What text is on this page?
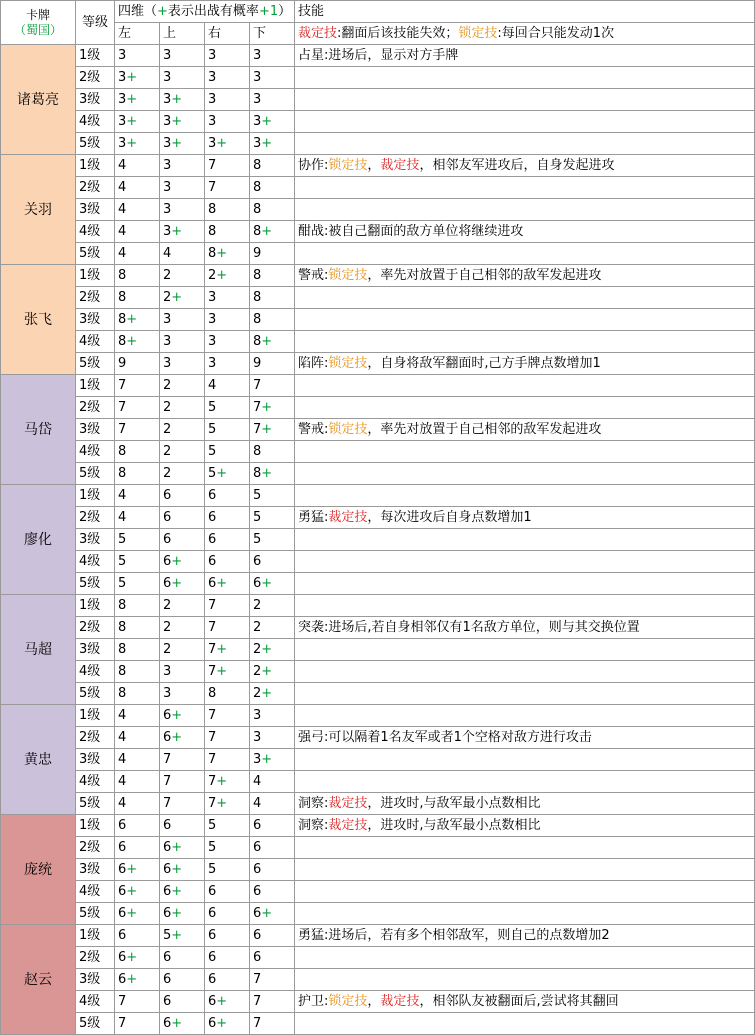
卡牌
（蜀国）	等级	四维（+表示出战有概率+1）				技能
		左	上	右	下	裁定技:翻面后该技能失效；锁定技:每回合只能发动1次
诸葛亮	1级	3	3	3	3	占星:进场后，显示对方手牌
	2级	3+	3	3	3	
	3级	3+	3+	3	3	
	4级	3+	3+	3	3+	
	5级	3+	3+	3+	3+	
关羽	1级	4	3	7	8	协作:锁定技，裁定技，相邻友军进攻后，自身发起进攻
	2级	4	3	7	8	
	3级	4	3	8	8	
	4级	4	3+	8	8+	酣战:被自己翻面的敌方单位将继续进攻
	5级	4	4	8+	9	
张飞	1级	8	2	2+	8	警戒:锁定技，率先对放置于自己相邻的敌军发起进攻
	2级	8	2+	3	8	
	3级	8+	3	3	8	
	4级	8+	3	3	8+	
	5级	9	3	3	9	陷阵:锁定技，自身将敌军翻面时,己方手牌点数增加1
马岱	1级	7	2	4	7	
	2级	7	2	5	7+	
	3级	7	2	5	7+	警戒:锁定技，率先对放置于自己相邻的敌军发起进攻
	4级	8	2	5	8	
	5级	8	2	5+	8+	
廖化	1级	4	6	6	5	
	2级	4	6	6	5	勇猛:裁定技，每次进攻后自身点数增加1
	3级	5	6	6	5	
	4级	5	6+	6	6	
	5级	5	6+	6+	6+	
马超	1级	8	2	7	2	
	2级	8	2	7	2	突袭:进场后,若自身相邻仅有1名敌方单位，则与其交换位置
	3级	8	2	7+	2+	
	4级	8	3	7+	2+	
	5级	8	3	8	2+	
黄忠	1级	4	6+	7	3	
	2级	4	6+	7	3	强弓:可以隔着1名友军或者1个空格对敌方进行攻击
	3级	4	7	7	3+	
	4级	4	7	7+	4	
	5级	4	7	7+	4	洞察:裁定技，进攻时,与敌军最小点数相比
庞统	1级	6	6	5	6	洞察:裁定技，进攻时,与敌军最小点数相比
	2级	6	6+	5	6	
	3级	6+	6+	5	6	
	4级	6+	6+	6	6	
	5级	6+	6+	6	6+	
赵云	1级	6	5+	6	6	勇猛:进场后，若有多个相邻敌军，则自己的点数增加2
	2级	6+	6	6	6	
	3级	6+	6	6	7	
	4级	7	6	6+	7	护卫:锁定技，裁定技，相邻队友被翻面后,尝试将其翻回
	5级	7	6+	6+	7	
